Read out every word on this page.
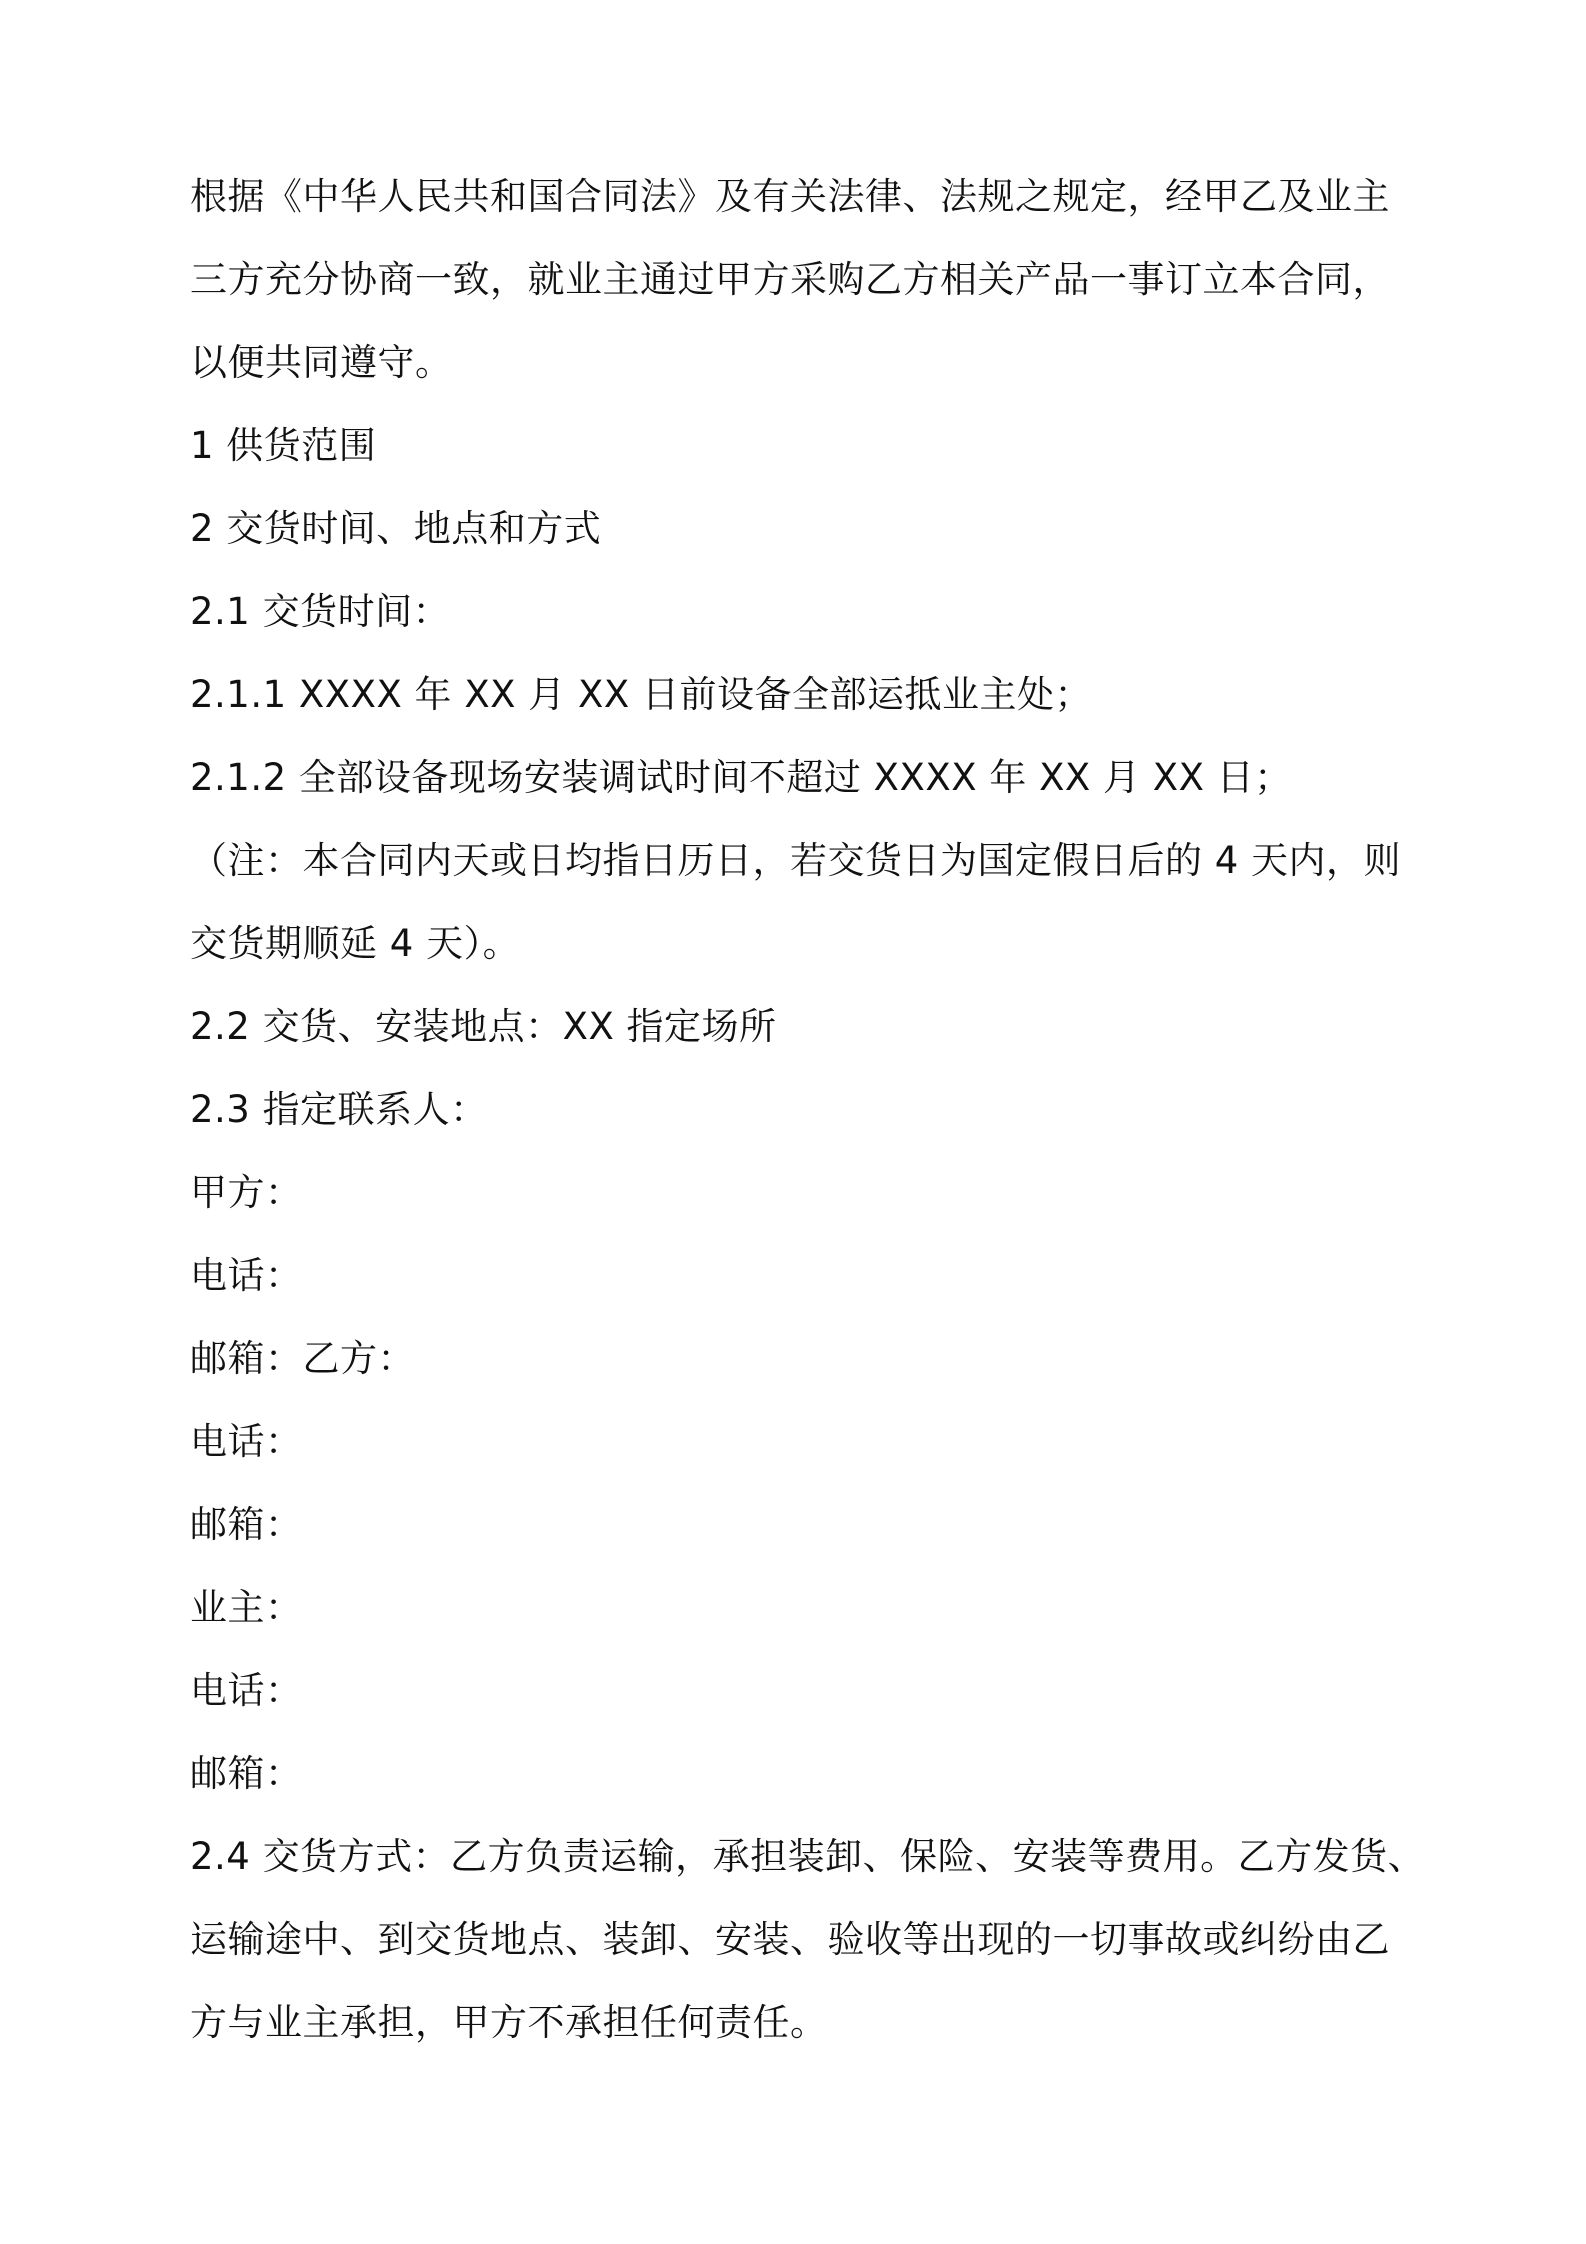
根据《中华人民共和国合同法》及有关法律、法规之规定，经甲乙及业主
三方充分协商一致，就业主通过甲方采购乙方相关产品一事订立本合同，
以便共同遵守。

1 供货范围

2 交货时间、地点和方式

2.1 交货时间：

2.1.1 XXXX 年 XX 月 XX 日前设备全部运抵业主处；

2.1.2 全部设备现场安装调试时间不超过 XXXX 年 XX 月 XX 日；

（注：本合同内天或日均指日历日，若交货日为国定假日后的 4 天内，则
交货期顺延 4 天）。

2.2 交货、安装地点：XX 指定场所

2.3 指定联系人：

甲方：

电话：

邮箱：乙方：

电话：

邮箱：

业主：

电话：

邮箱：

2.4 交货方式：乙方负责运输，承担装卸、保险、安装等费用。乙方发货、
运输途中、到交货地点、装卸、安装、验收等出现的一切事故或纠纷由乙
方与业主承担，甲方不承担任何责任。
